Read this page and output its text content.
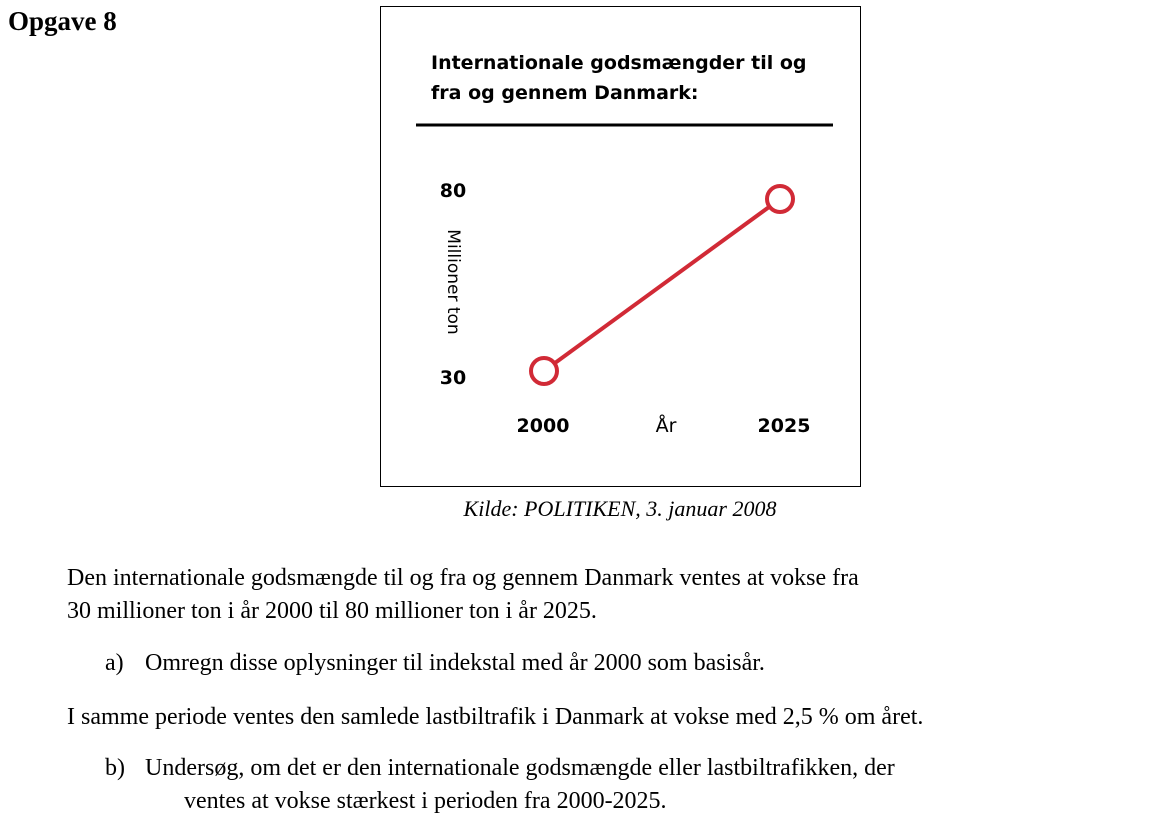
Opgave 8
Internationale godsmængder til og
fra og gennem Danmark:
80
30
Millioner ton
2000	År	2025
Kilde: POLITIKEN, 3. januar 2008
Den internationale godsmængde til og fra og gennem Danmark ventes at vokse fra
30 millioner ton i år 2000 til 80 millioner ton i år 2025.
a) Omregn disse oplysninger til indekstal med år 2000 som basisår.
I samme periode ventes den samlede lastbiltrafik i Danmark at vokse med 2,5 % om året.
b) Undersøg, om det er den internationale godsmængde eller lastbiltrafikken, der
ventes at vokse stærkest i perioden fra 2000-2025.
